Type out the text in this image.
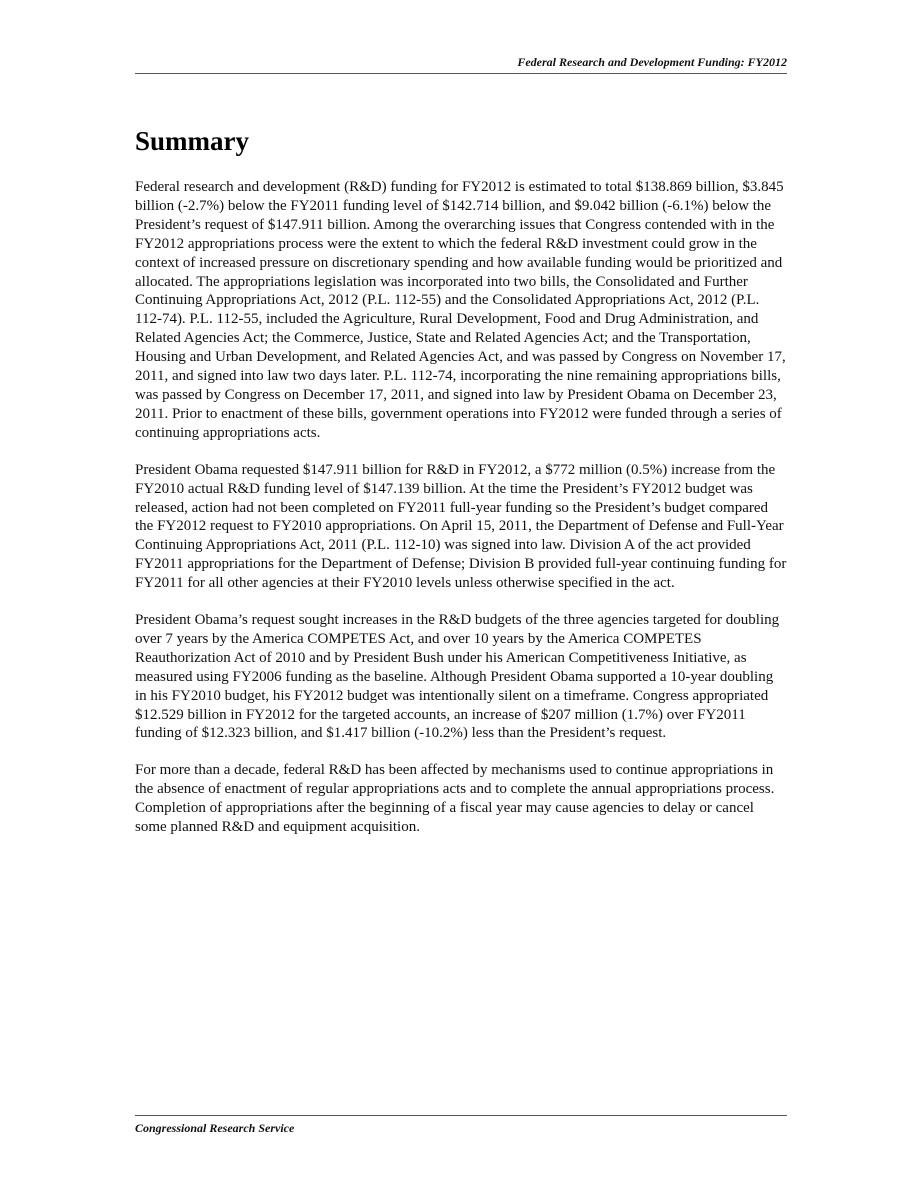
Federal Research and Development Funding: FY2012
Summary

Federal research and development (R&D) funding for FY2012 is estimated to total $138.869 billion, $3.845 billion (-2.7%) below the FY2011 funding level of $142.714 billion, and $9.042 billion (-6.1%) below the President’s request of $147.911 billion. Among the overarching issues that Congress contended with in the FY2012 appropriations process were the extent to which the federal R&D investment could grow in the context of increased pressure on discretionary spending and how available funding would be prioritized and allocated. The appropriations legislation was incorporated into two bills, the Consolidated and Further Continuing Appropriations Act, 2012 (P.L. 112-55) and the Consolidated Appropriations Act, 2012 (P.L. 112-74). P.L. 112-55, included the Agriculture, Rural Development, Food and Drug Administration, and Related Agencies Act; the Commerce, Justice, State and Related Agencies Act; and the Transportation, Housing and Urban Development, and Related Agencies Act, and was passed by Congress on November 17, 2011, and signed into law two days later. P.L. 112-74, incorporating the nine remaining appropriations bills, was passed by Congress on December 17, 2011, and signed into law by President Obama on December 23, 2011. Prior to enactment of these bills, government operations into FY2012 were funded through a series of continuing appropriations acts.

President Obama requested $147.911 billion for R&D in FY2012, a $772 million (0.5%) increase from the FY2010 actual R&D funding level of $147.139 billion. At the time the President’s FY2012 budget was released, action had not been completed on FY2011 full-year funding so the President’s budget compared the FY2012 request to FY2010 appropriations. On April 15, 2011, the Department of Defense and Full-Year Continuing Appropriations Act, 2011 (P.L. 112-10) was signed into law. Division A of the act provided FY2011 appropriations for the Department of Defense; Division B provided full-year continuing funding for FY2011 for all other agencies at their FY2010 levels unless otherwise specified in the act.

President Obama’s request sought increases in the R&D budgets of the three agencies targeted for doubling over 7 years by the America COMPETES Act, and over 10 years by the America COMPETES Reauthorization Act of 2010 and by President Bush under his American Competitiveness Initiative, as measured using FY2006 funding as the baseline. Although President Obama supported a 10-year doubling in his FY2010 budget, his FY2012 budget was intentionally silent on a timeframe. Congress appropriated $12.529 billion in FY2012 for the targeted accounts, an increase of $207 million (1.7%) over FY2011 funding of $12.323 billion, and $1.417 billion (-10.2%) less than the President’s request.

For more than a decade, federal R&D has been affected by mechanisms used to continue appropriations in the absence of enactment of regular appropriations acts and to complete the annual appropriations process. Completion of appropriations after the beginning of a fiscal year may cause agencies to delay or cancel some planned R&D and equipment acquisition.

Congressional Research Service
